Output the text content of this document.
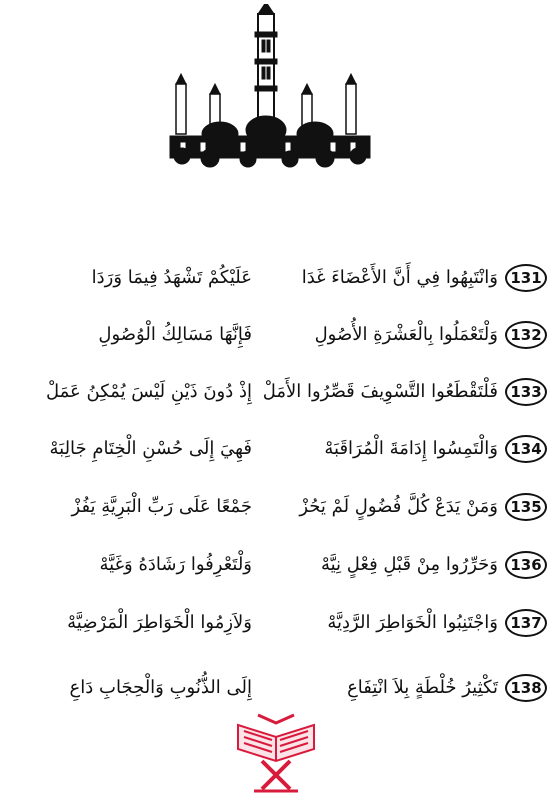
131
وَانْتَبِهُوا فِي أَنَّ الأَعْضَاءَ غَدَا
عَلَيْكُمْ تَشْهَدُ فِيمَا وَرَدَا
132
وَلْتَعْمَلُوا بِالْعَشْرَةِ الأُصُولِ
فَإِنَّهَا مَسَالِكُ الْوُصُولِ
133
فَلْتَقْطَعُوا التَّسْوِيفَ قَصِّرُوا الأَمَلْ
إِذْ دُونَ ذَيْنِ لَيْسَ يُمْكِنُ عَمَلْ
134
وَالْتَمِسُوا إِدَامَةَ الْمُرَاقَبَهْ
فَهِيَ إِلَى حُسْنِ الْخِتَامِ جَالِبَهْ
135
وَمَنْ يَدَعْ كُلَّ فُضُولٍ لَمْ يَحُزْ
جَمْعًا عَلَى رَبِّ الْبَرِيَّةِ يَفُزْ
136
وَحَرِّرُوا مِنْ قَبْلِ فِعْلٍ نِيَّهْ
وَلْتَعْرِفُوا رَشَادَهُ وَغَيَّهْ
137
وَاجْتَنِبُوا الْخَوَاطِرَ الرَّدِيَّهْ
وَلاَزِمُوا الْخَوَاطِرَ الْمَرْضِيَّهْ
138
تَكْثِيرُ خُلْطَةٍ بِلاَ انْتِفَاعِ
إِلَى الذُّنُوبِ وَالْحِجَابِ دَاعِ
